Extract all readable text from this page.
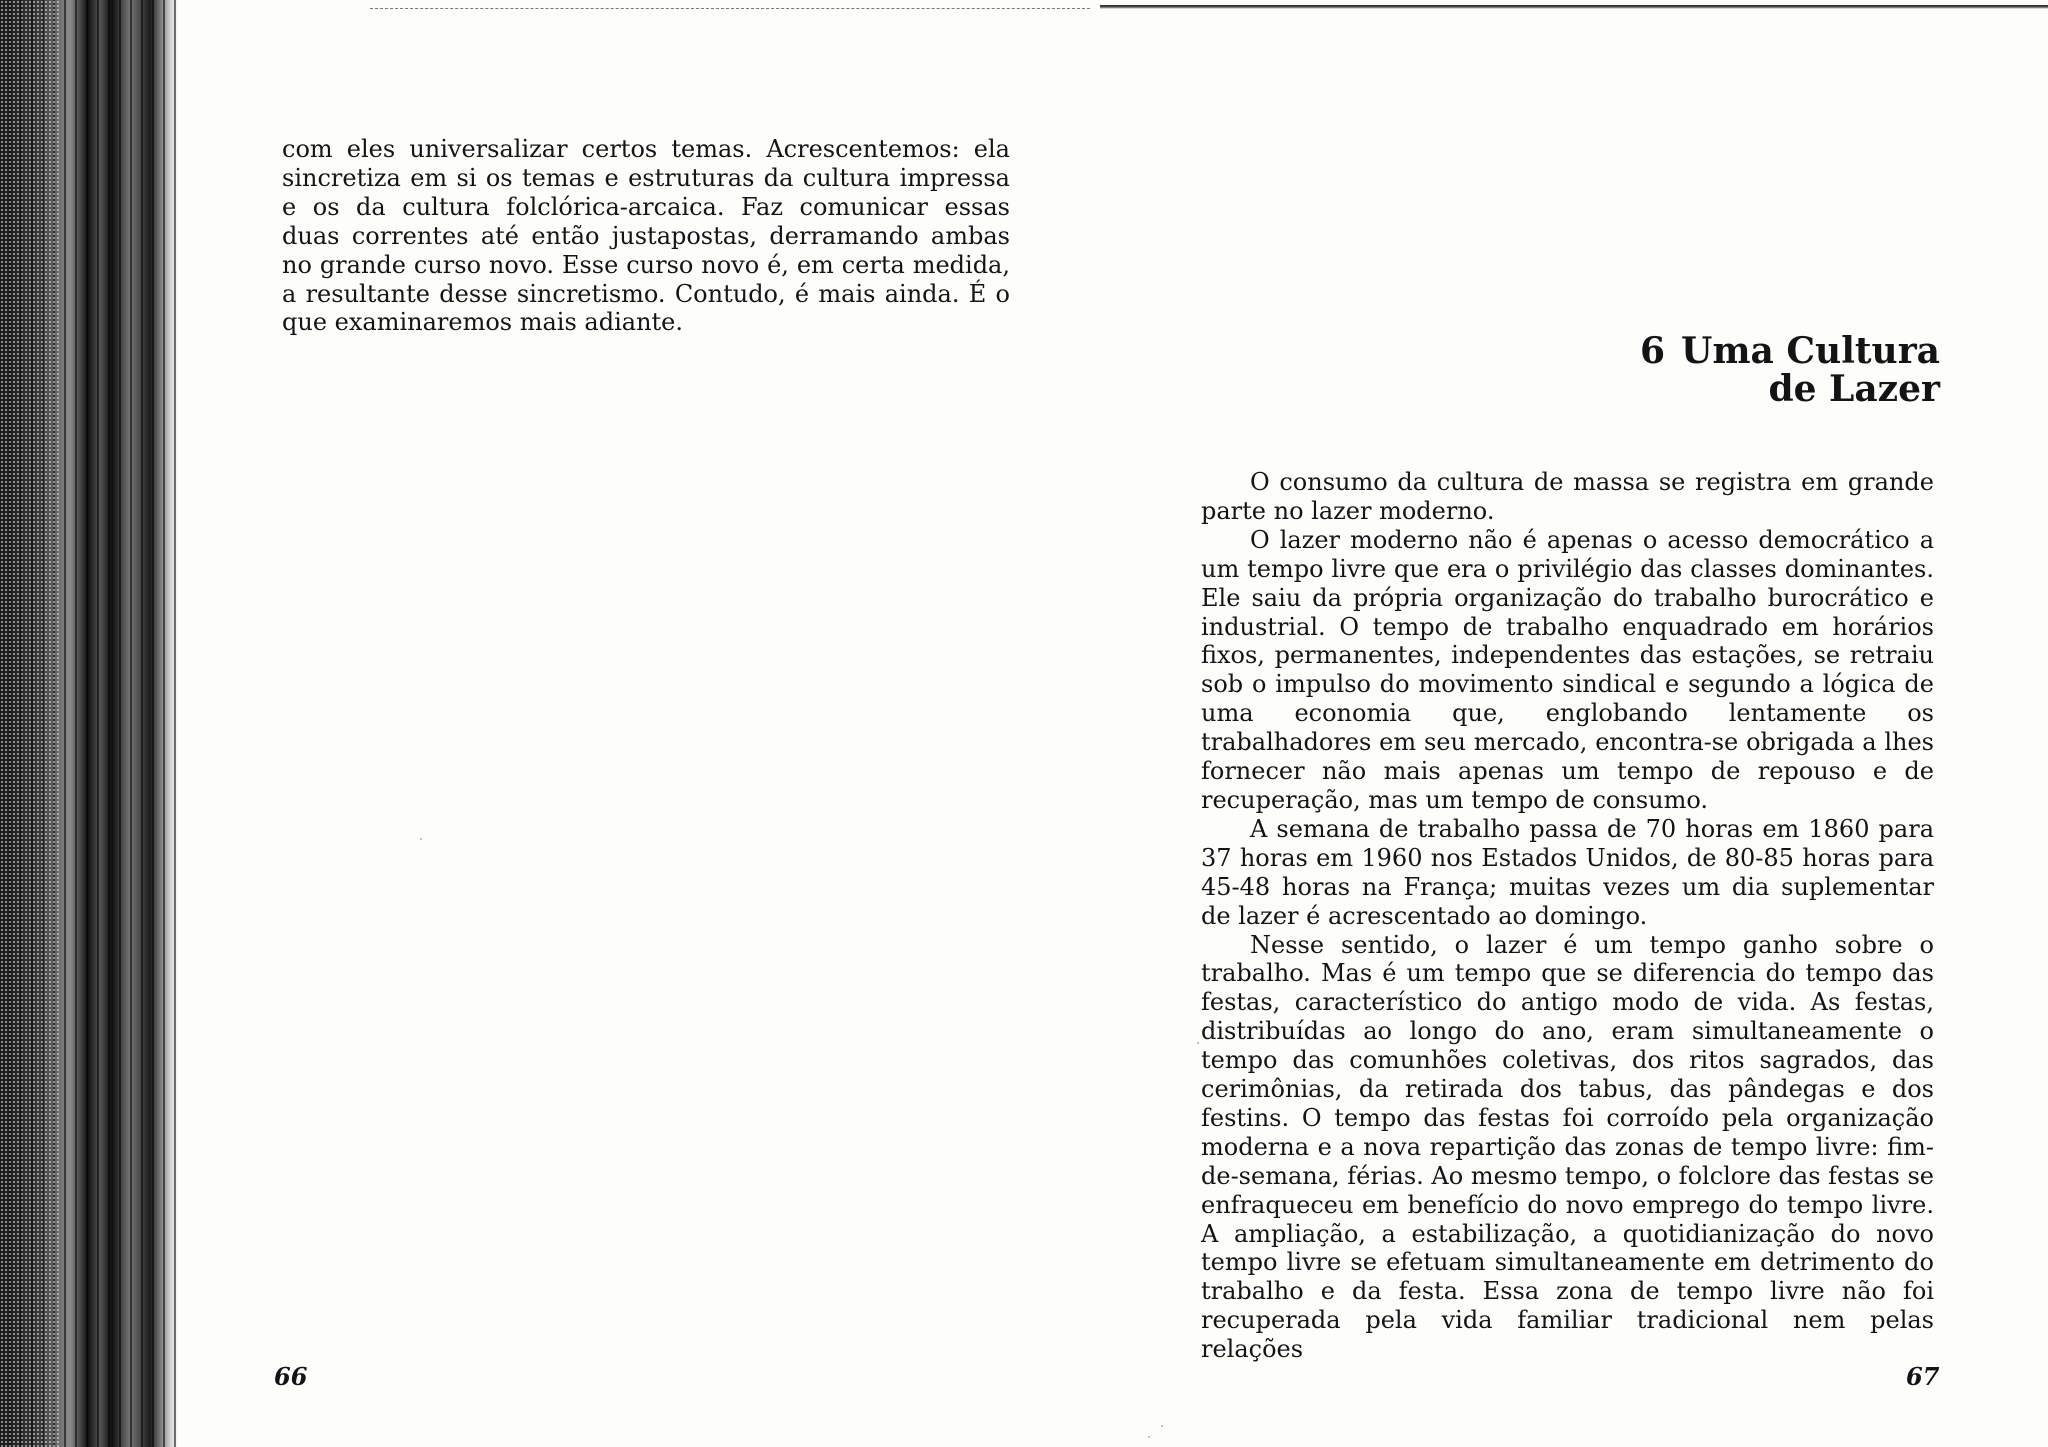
com eles universalizar certos temas. Acrescentemos: ela sincretiza em si os temas e estruturas da cultura impressa e os da cultura folclórica-arcaica. Faz comunicar essas duas correntes até então justapostas, derramando ambas no grande curso novo. Esse curso novo é, em certa medida, a resultante desse sincretismo. Contudo, é mais ainda. É o que examinaremos mais adiante.

66
Uma Cultura
de Lazer
6

O consumo da cultura de massa se registra em grande parte no lazer moderno.

O lazer moderno não é apenas o acesso democrático a um tempo livre que era o privilégio das classes dominantes. Ele saiu da própria organização do trabalho burocrático e industrial. O tempo de trabalho enquadrado em horários fixos, permanentes, independentes das estações, se retraiu sob o impulso do movimento sindical e segundo a lógica de uma economia que, englobando lentamente os trabalhadores em seu mercado, encontra-se obrigada a lhes fornecer não mais apenas um tempo de repouso e de recuperação, mas um tempo de consumo.

A semana de trabalho passa de 70 horas em 1860 para 37 horas em 1960 nos Estados Unidos, de 80-85 horas para 45-48 horas na França; muitas vezes um dia suplementar de lazer é acrescentado ao domingo.

Nesse sentido, o lazer é um tempo ganho sobre o trabalho. Mas é um tempo que se diferencia do tempo das festas, característico do antigo modo de vida. As festas, distribuídas ao longo do ano, eram simultaneamente o tempo das comunhões coletivas, dos ritos sagrados, das cerimônias, da retirada dos tabus, das pândegas e dos festins. O tempo das festas foi corroído pela organização moderna e a nova repartição das zonas de tempo livre: fim-de-semana, férias. Ao mesmo tempo, o folclore das festas se enfraqueceu em benefício do novo emprego do tempo livre. A ampliação, a estabilização, a quotidianização do novo tempo livre se efetuam simultaneamente em detrimento do trabalho e da festa. Essa zona de tempo livre não foi recuperada pela vida familiar tradicional nem pelas relações

67
